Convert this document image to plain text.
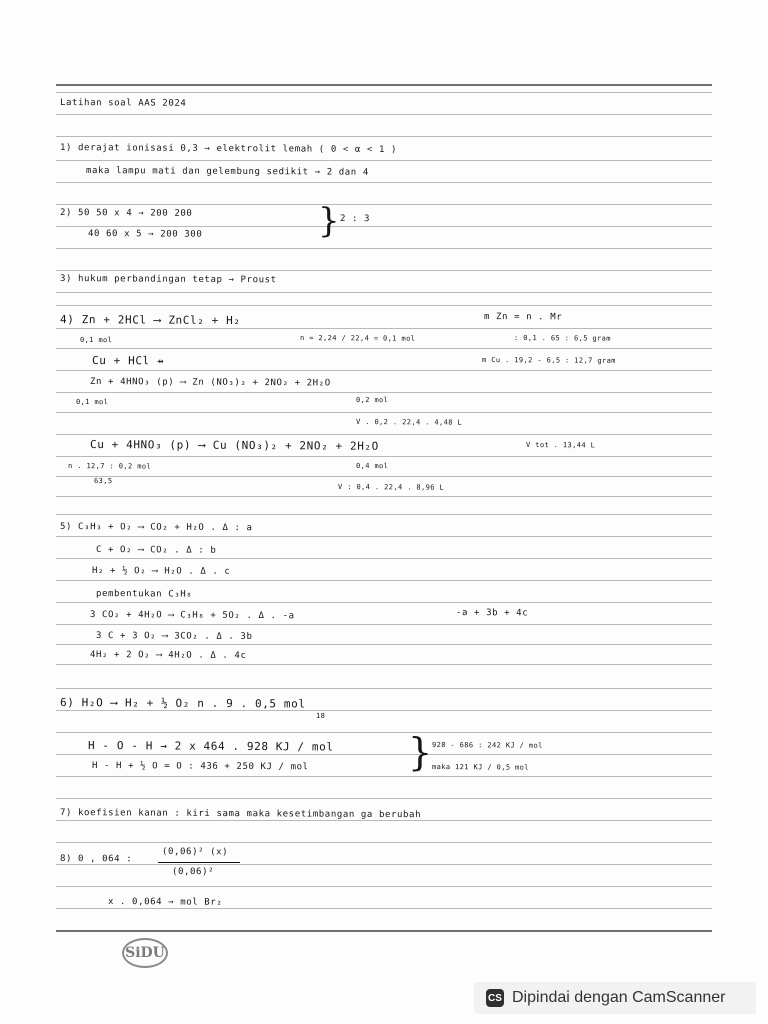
Latihan soal AAS 2024
1) derajat ionisasi 0,3 → elektrolit lemah ( 0 < α < 1 )
maka lampu mati dan gelembung sedikit → 2 dan 4
2) 50 50 x 4 → 200 200
40 60 x 5 → 200 300	} 2 : 3
3) hukum perbandingan tetap → Proust
4) Zn + 2HCl ⟶ ZnCl₂ + H₂	m Zn = n . Mr
0,1 mol	n = 2,24 / 22,4 = 0,1 mol	: 0,1 . 65 : 6,5 gram
Cu + HCl ⇸	m Cu . 19,2 - 6,5 : 12,7 gram
Zn + 4HNO₃ (p) ⟶ Zn (NO₃)₂ + 2NO₂ + 2H₂O
0,1 mol	0,2 mol
V . 0,2 . 22,4 . 4,48 L
Cu + 4HNO₃ (p) ⟶ Cu (NO₃)₂ + 2NO₂ + 2H₂O	V tot . 13,44 L
n . 12,7 : 0,2 mol
63,5
0,4 mol
V : 0,4 . 22,4 . 8,96 L
5) C₃H₃ + O₂ ⟶ CO₂ + H₂O . Δ : a
C + O₂ ⟶ CO₂ . Δ : b
H₂ + ½ O₂ ⟶ H₂O . Δ . c
pembentukan C₃H₈
3 CO₂ + 4H₂O ⟶ C₃H₈ + 5O₂ . Δ . -a	-a + 3b + 4c
3 C + 3 O₂ ⟶ 3CO₂ . Δ . 3b
4H₂ + 2 O₂ ⟶ 4H₂O . Δ . 4c
6) H₂O ⟶ H₂ + ½ O₂ n . 9 . 0,5 mol
18
H - O - H → 2 x 464 . 928 KJ / mol
H - H + ½ O = O : 436 + 250 KJ / mol	} 928 - 686 : 242 KJ / mol
maka 121 KJ / 0,5 mol
7) koefisien kanan : kiri sama maka kesetimbangan ga berubah
8) 0 , 064 :
(0,06)² (x)
(0,06)²
x . 0,064 → mol Br₂
SiDU
CS Dipindai dengan CamScanner
